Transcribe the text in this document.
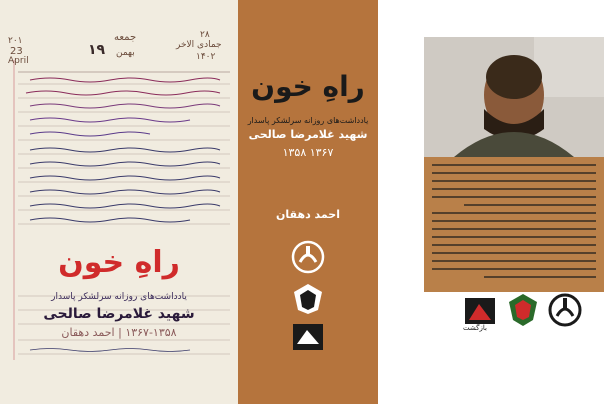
۲۰۱
23
April
جمعه
۱۹ بهمن
۲۸
جمادی الاخر
۱۴۰۲
راهِ خون
یادداشت‌های روزانه سرلشکر پاسدار
شهید غلامرضا صالحی
۱۳۶۷-۱۳۵۸ | احمد دهقان
راهِ خون
یادداشت‌های روزانه سرلشکر پاسدار
شهید غلامرضا صالحی
۱۳۵۸ ۱۳۶۷
احمد دهقان
بازگشت
